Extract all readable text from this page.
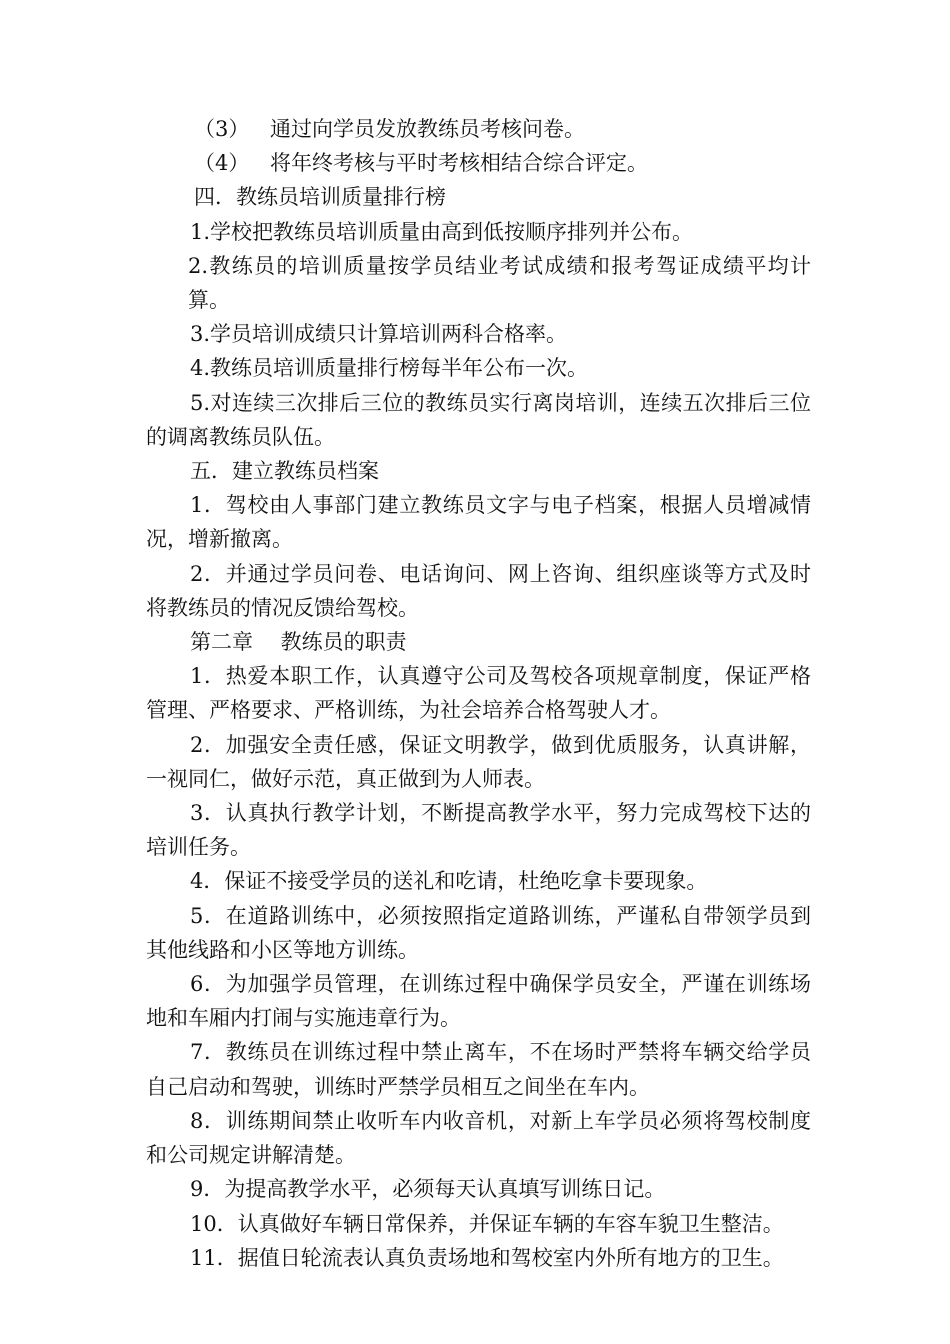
（3） 通过向学员发放教练员考核问卷。

（4） 将年终考核与平时考核相结合综合评定。

四．教练员培训质量排行榜

1.学校把教练员培训质量由高到低按顺序排列并公布。

2.教练员的培训质量按学员结业考试成绩和报考驾证成绩平均计算。

3.学员培训成绩只计算培训两科合格率。

4.教练员培训质量排行榜每半年公布一次。

5.对连续三次排后三位的教练员实行离岗培训，连续五次排后三位的调离教练员队伍。

五．建立教练员档案

1．驾校由人事部门建立教练员文字与电子档案，根据人员增减情况，增新撤离。

2．并通过学员问卷、电话询问、网上咨询、组织座谈等方式及时将教练员的情况反馈给驾校。

第二章　 教练员的职责

1．热爱本职工作，认真遵守公司及驾校各项规章制度，保证严格管理、严格要求、严格训练，为社会培养合格驾驶人才。

2．加强安全责任感，保证文明教学，做到优质服务，认真讲解，一视同仁，做好示范，真正做到为人师表。

3．认真执行教学计划，不断提高教学水平，努力完成驾校下达的培训任务。

4．保证不接受学员的送礼和吃请，杜绝吃拿卡要现象。

5．在道路训练中，必须按照指定道路训练，严谨私自带领学员到其他线路和小区等地方训练。

6．为加强学员管理，在训练过程中确保学员安全，严谨在训练场地和车厢内打闹与实施违章行为。

7．教练员在训练过程中禁止离车，不在场时严禁将车辆交给学员自己启动和驾驶，训练时严禁学员相互之间坐在车内。

8．训练期间禁止收听车内收音机，对新上车学员必须将驾校制度和公司规定讲解清楚。

9．为提高教学水平，必须每天认真填写训练日记。

10．认真做好车辆日常保养，并保证车辆的车容车貌卫生整洁。

11．据值日轮流表认真负责场地和驾校室内外所有地方的卫生。
